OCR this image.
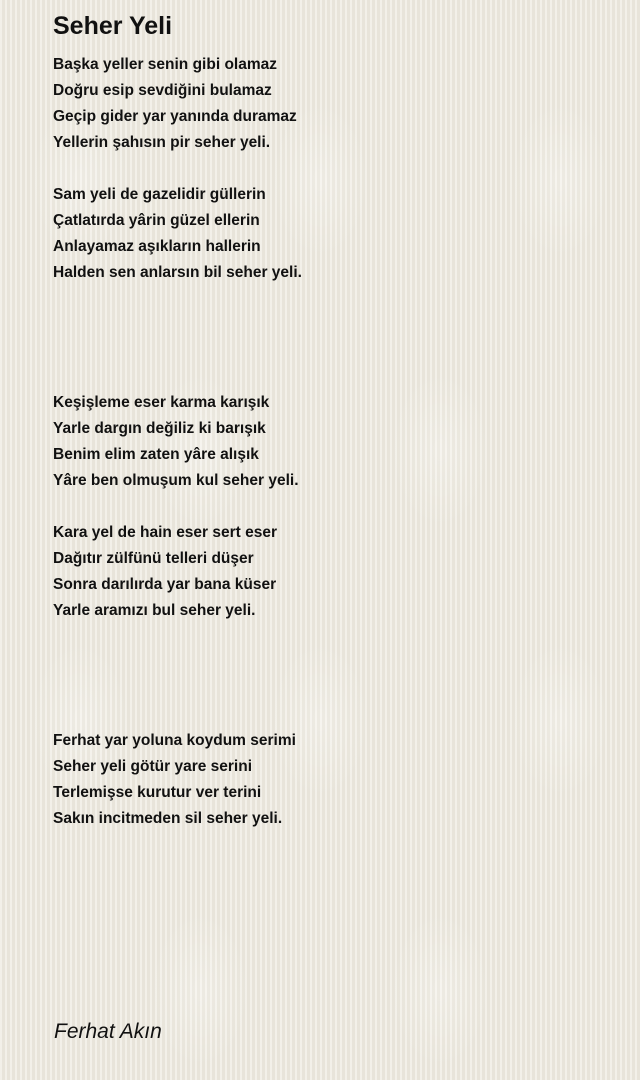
Seher Yeli

Başka yeller senin gibi olamaz
Doğru esip sevdiğini bulamaz
Geçip gider yar yanında duramaz
Yellerin şahısın pir seher yeli.

Sam yeli de gazelidir güllerin
Çatlatırda yârin güzel ellerin
Anlayamaz aşıkların hallerin
Halden sen anlarsın bil seher yeli.

Keşişleme eser karma karışık
Yarle dargın değiliz ki barışık
Benim elim zaten yâre alışık
Yâre ben olmuşum kul seher yeli.

Kara yel de hain eser sert eser
Dağıtır zülfünü telleri düşer
Sonra darılırda yar bana küser
Yarle aramızı bul seher yeli.

Ferhat yar yoluna koydum serimi
Seher yeli götür yare serini
Terlemişse kurutur ver terini
Sakın incitmeden sil seher yeli.

Ferhat Akın
